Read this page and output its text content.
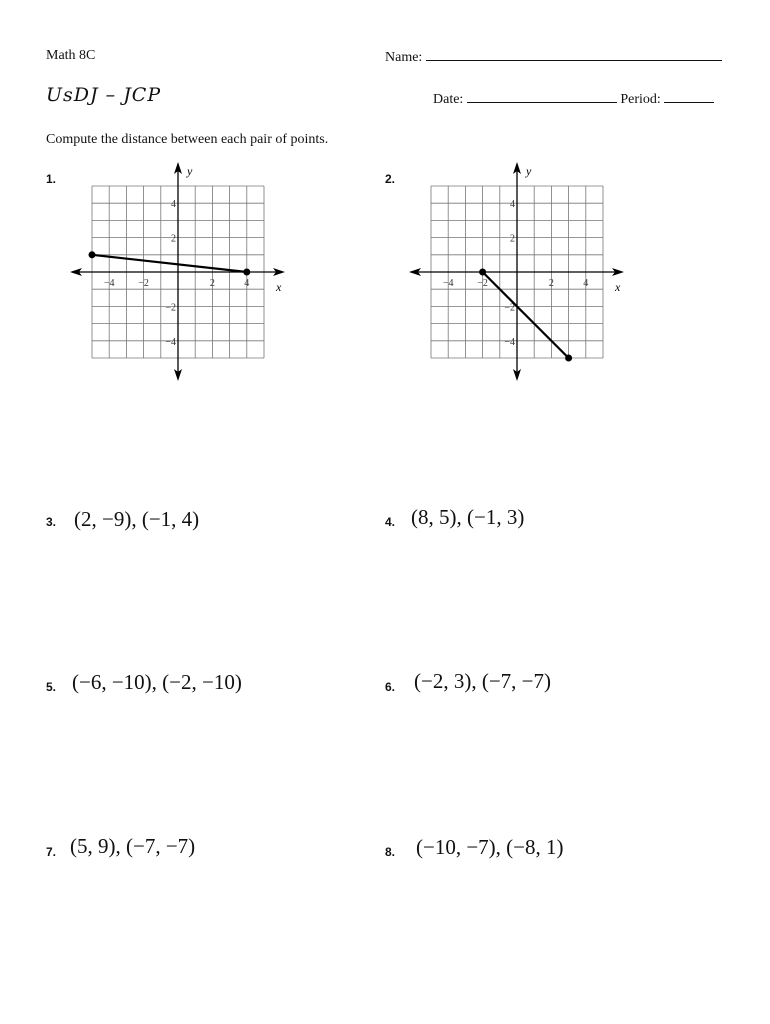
Math 8C	Name:
UsDJ – JCP	Date:	Period:
Compute the distance between each pair of points.
1.
−4 −2	2	4
4
2
−2
−4
x
y
2.
−4 −2	2	4
4
2
−2
−4
x
y
3. (2, −9), (−1, 4)	4. (8, 5), (−1, 3)
5. (−6, −10), (−2, −10)	6. (−2, 3), (−7, −7)
7. (5, 9), (−7, −7)	8. (−10, −7), (−8, 1)
